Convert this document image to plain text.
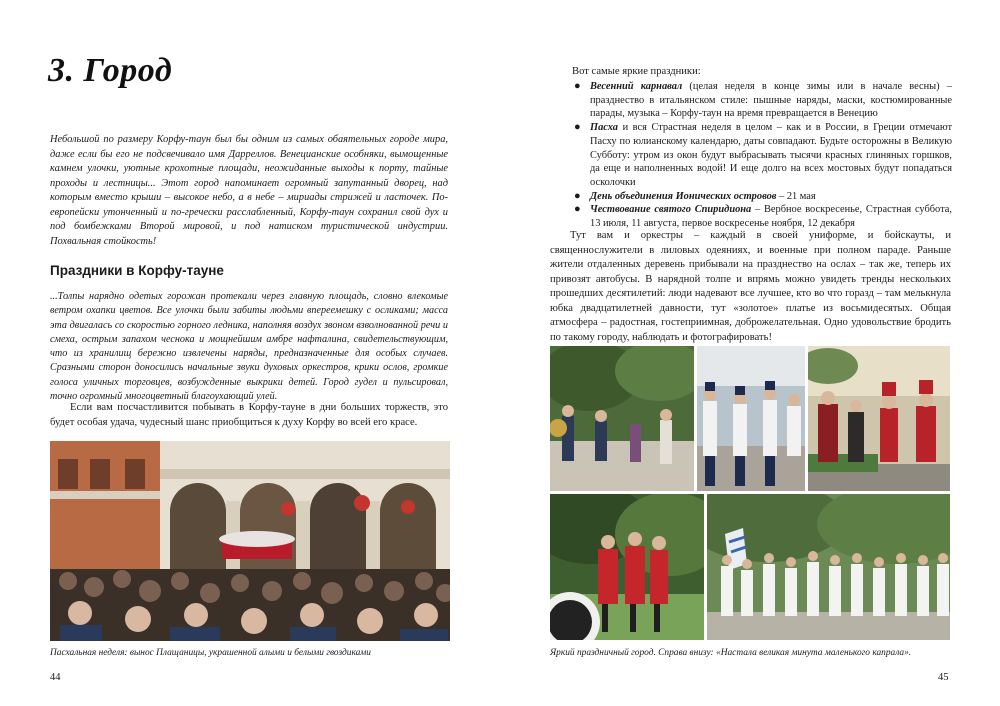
3. Город
Небольшой по размеру Корфу-таун был бы одним из самых обаятельных городе мира, даже если бы его не подсвечивало имя Дарреллов. Венецианские особняки, вымощенные камнем улочки, уютные крохотные площади, неожиданные выходы к порту, тайные проходы и лестницы... Этот город напоминает огромный запутанный дворец, над которым вместо крыши – высокое небо, а в небе – мириады стрижей и ласточек. По-европейски утонченный и по-гречески расслабленный, Корфу-таун сохранил свой дух и под бомбежками Второй мировой, и под натиском туристической индустрии. Похвальная стойкость!
Праздники в Корфу-тауне
...Толпы нарядно одетых горожан протекали через главную площадь, словно влекомые ветром охапки цветов. Все улочки были забиты людьми впереемешку с осликами; масса эта двигалась со скоростью горного ледника, наполняя воздух звоном взволнованной речи и смеха, острым запахом чеснока и мощнейшим амбре нафталина, свидетельствующим, что из хранилищ бережно извлечены наряды, предназначенные для особых случаев. Сразными сторон доносились начальные звуки духовых оркестров, крики ослов, громкие голоса уличных торговцев, возбужденные выкрики детей. Город гудел и пульсировал, точно огромный многоцветный благоухающий улей.
Если вам посчастливится побывать в Корфу-тауне в дни больших торжеств, это будет особая удача, чудесный шанс приобщиться к духу Корфу во всей его красе.
Пасхальная неделя: вынос Плащаницы, украшенной алыми и белыми гвоздиками
44
Вот самые яркие праздники:
● Весенний карнавал (целая неделя в конце зимы или в начале весны) – празднество в итальянском стиле: пышные наряды, маски, костюмированные парады, музыка – Корфу-таун на время превращается в Венецию
● Пасха и вся Страстная неделя в целом – как и в России, в Греции отмечают Пасху по юлианскому календарю, даты совпадают. Будьте осторожны в Великую Субботу: утром из окон будут выбрасывать тысячи красных глиняных горшков, да еще и наполненных водой! И еще долго на всех мостовых будут попадаться осколочки
● День объединения Ионических островов – 21 мая
● Чествование святого Спиридиона – Вербное воскресенье, Страстная суббота, 13 июля, 11 августа, первое воскресенье ноября, 12 декабря
Тут вам и оркестры – каждый в своей униформе, и бойскауты, и священнослужители в лиловых одеяниях, и военные при полном параде. Раньше жители отдаленных деревень прибывали на празднество на ослах – так же, теперь их привозят автобусы. В нарядной толпе и впрямь можно увидеть тренды нескольких прошедших десятилетий: люди надевают все лучшее, кто во что горазд – там мелькнула юбка двадцатилетней давности, тут «золотое» платье из восьмидесятых. Общая атмосфера – радостная, гостеприимная, доброжелательная. Одно удовольствие бродить по такому городу, наблюдать и фотографировать!
Яркий праздничный город. Справа внизу: «Настала великая минута маленького капрала».
45
